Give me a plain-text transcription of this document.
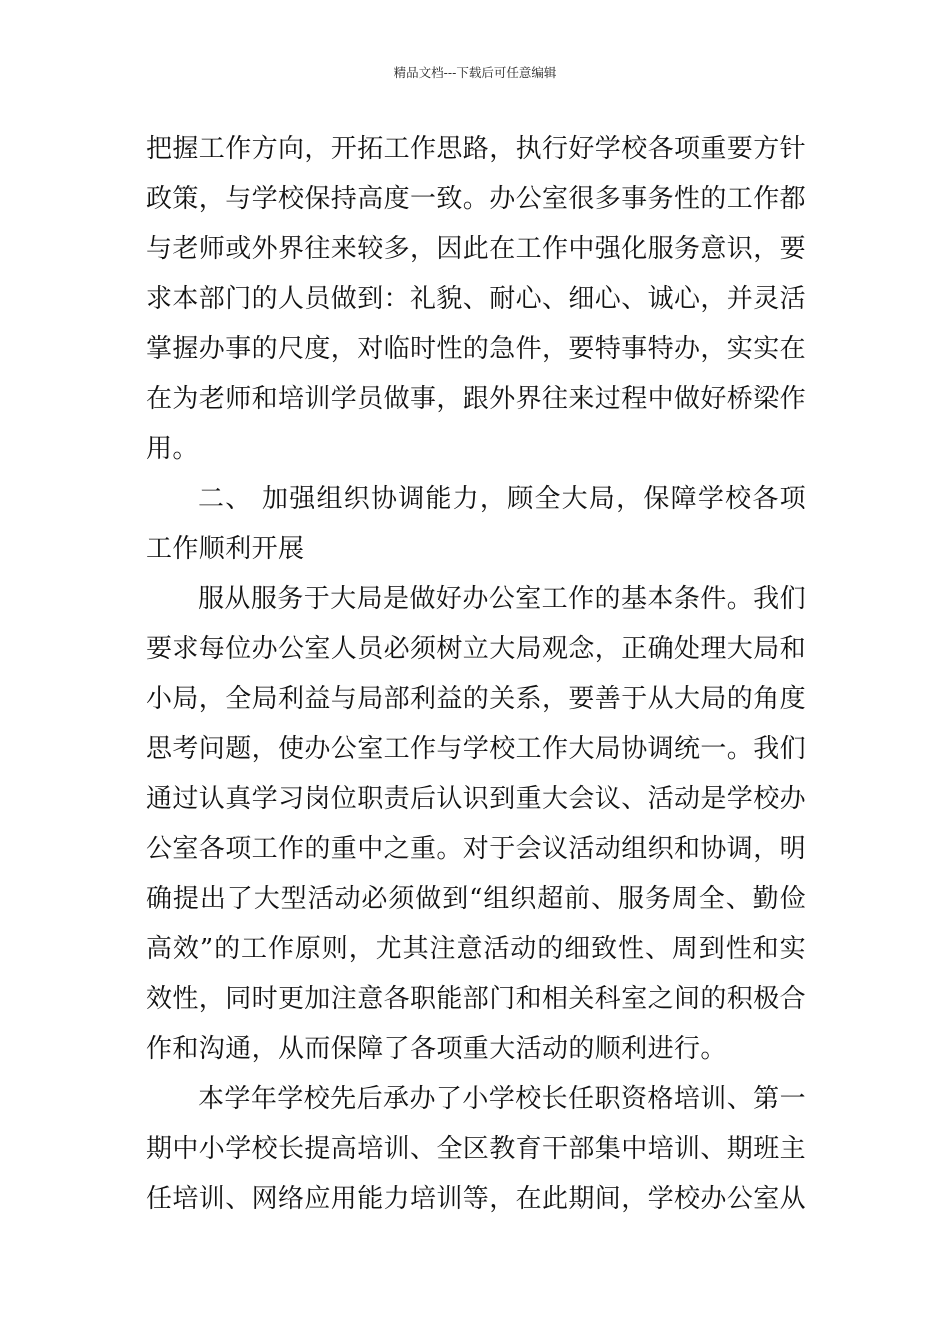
精品文档---下载后可任意编辑

把握工作方向，开拓工作思路，执行好学校各项重要方针政策，与学校保持高度一致。办公室很多事务性的工作都与老师或外界往来较多，因此在工作中强化服务意识，要求本部门的人员做到：礼貌、耐心、细心、诚心，并灵活掌握办事的尺度，对临时性的急件，要特事特办，实实在在为老师和培训学员做事，跟外界往来过程中做好桥梁作用。

二、 加强组织协调能力，顾全大局，保障学校各项工作顺利开展

服从服务于大局是做好办公室工作的基本条件。我们要求每位办公室人员必须树立大局观念，正确处理大局和小局，全局利益与局部利益的关系，要善于从大局的角度思考问题，使办公室工作与学校工作大局协调统一。我们通过认真学习岗位职责后认识到重大会议、活动是学校办公室各项工作的重中之重。对于会议活动组织和协调，明确提出了大型活动必须做到“组织超前、服务周全、勤俭高效”的工作原则，尤其注意活动的细致性、周到性和实效性，同时更加注意各职能部门和相关科室之间的积极合作和沟通，从而保障了各项重大活动的顺利进行。

本学年学校先后承办了小学校长任职资格培训、第一期中小学校长提高培训、全区教育干部集中培训、期班主任培训、网络应用能力培训等，在此期间，学校办公室从
